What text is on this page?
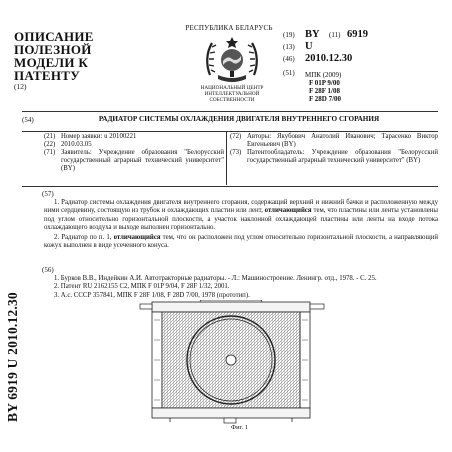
BY 6919 U 2010.12.30
ОПИСАНИЕ
ПОЛЕЗНОЙ
МОДЕЛИ К
ПАТЕНТУ
(12)
РЕСПУБЛИКА БЕЛАРУСЬ
НАЦИОНАЛЬНЫЙ ЦЕНТР
ИНТЕЛЛЕКТУАЛЬНОЙ
СОБСТВЕННОСТИ
(19) BY (11) 6919
(13) U
(46) 2010.12.30
(51) МПК (2009)
F 01P 9/00
F 28F 1/08
F 28D 7/00
(54)	РАДИАТОР СИСТЕМЫ ОХЛАЖДЕНИЯ ДВИГАТЕЛЯ ВНУТРЕННЕГО СГОРАНИЯ
(21) Номер заявки: u 20100221
(22) 2010.03.05
(71) Заявитель: Учреждение образования "Белорусский государственный аграрный технический университет" (BY)
(72) Авторы: Якубович Анатолий Иванович; Тарасенко Виктор Евгеньевич (BY)
(73) Патентообладатель: Учреждение образования "Белорусский государственный аграрный технический университет" (BY)
(57)

1. Радиатор системы охлаждения двигателя внутреннего сгорания, содержащий верхний и нижний бачки и расположенную между ними сердцевину, состоящую из трубок и охлаждающих пластин или лент, отличающийся тем, что пластины или ленты установлены под углом относительно горизонтальной плоскости, а участок наклонной охлаждающей пластины или ленты на входе потока охлаждающего воздуха и выходе выполнен горизонтально.

2. Радиатор по п. 1, отличающийся тем, что он расположен под углом относительно горизонтальной плоскости, а направляющий кожух выполнен в виде усеченного конуса.

(56)

1. Бурков В.В., Индейкин А.И. Автотракторные радиаторы. - Л.: Машиностроение. Ленингр. отд., 1978. - С. 25.

2. Патент RU 2162155 С2, МПК F 01P 9/04, F 28F 1/32, 2001.

3. А.с. СССР 357841, МПК F 28F 1/08, F 28D 7/00, 1978 (прототип).

Фиг. 1
